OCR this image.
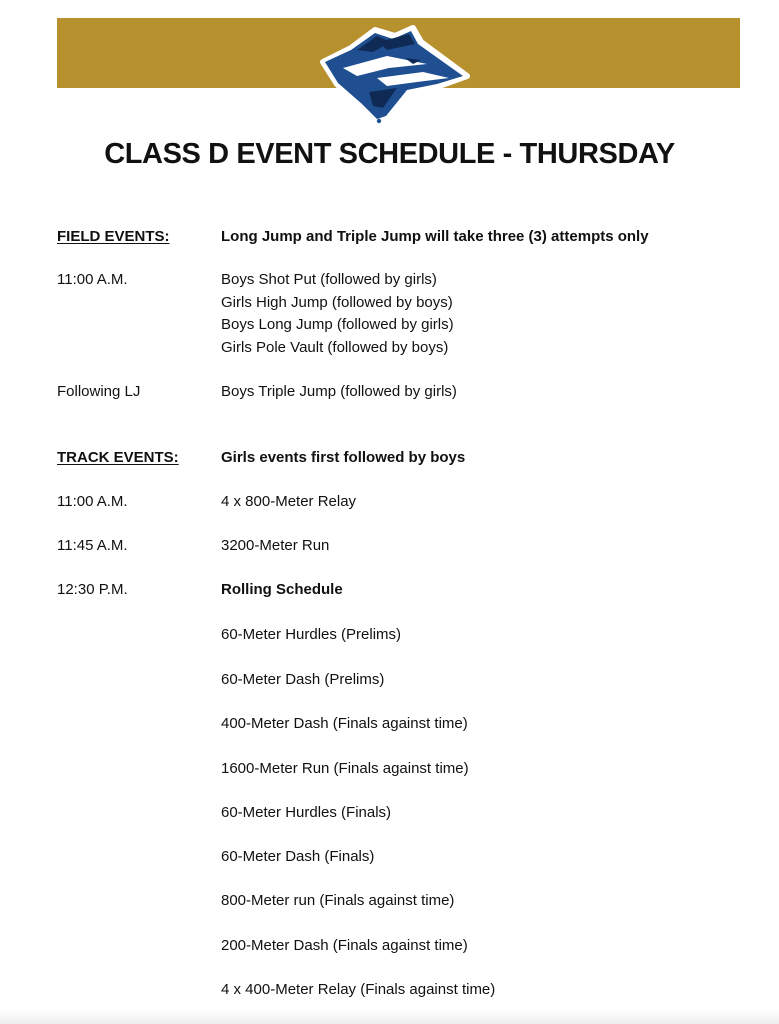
CLASS D EVENT SCHEDULE - THURSDAY
FIELD EVENTS:	Long Jump and Triple Jump will take three (3) attempts only
11:00 A.M.	Boys Shot Put (followed by girls)
Girls High Jump (followed by boys)
Boys Long Jump (followed by girls)
Girls Pole Vault (followed by boys)
Following LJ	Boys Triple Jump (followed by girls)
TRACK EVENTS:	Girls events first followed by boys
11:00 A.M.	4 x 800-Meter Relay
11:45 A.M.	3200-Meter Run
12:30 P.M.	Rolling Schedule
60-Meter Hurdles (Prelims)
60-Meter Dash (Prelims)
400-Meter Dash (Finals against time)
1600-Meter Run (Finals against time)
60-Meter Hurdles (Finals)
60-Meter Dash (Finals)
800-Meter run (Finals against time)
200-Meter Dash (Finals against time)
4 x 400-Meter Relay (Finals against time)
